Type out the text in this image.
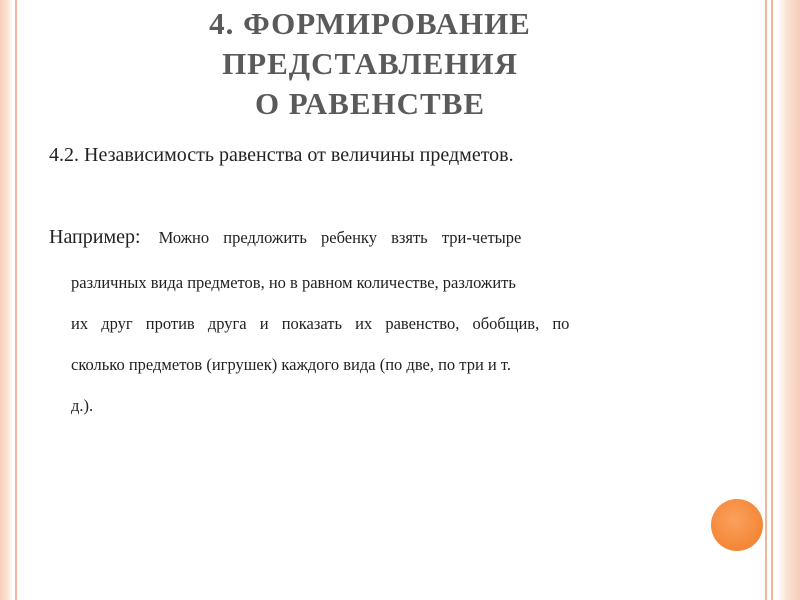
4. ФОРМИРОВАНИЕ
ПРЕДСТАВЛЕНИЯ
О РАВЕНСТВЕ
4.2. Независимость равенства от величины предметов.
Например: Можно предложить ребенку взять три-четыре
различных вида предметов, но в равном количестве, разложить
их друг против друга и показать их равенство, обобщив, по
сколько предметов (игрушек) каждого вида (по две, по три и т.
д.).
